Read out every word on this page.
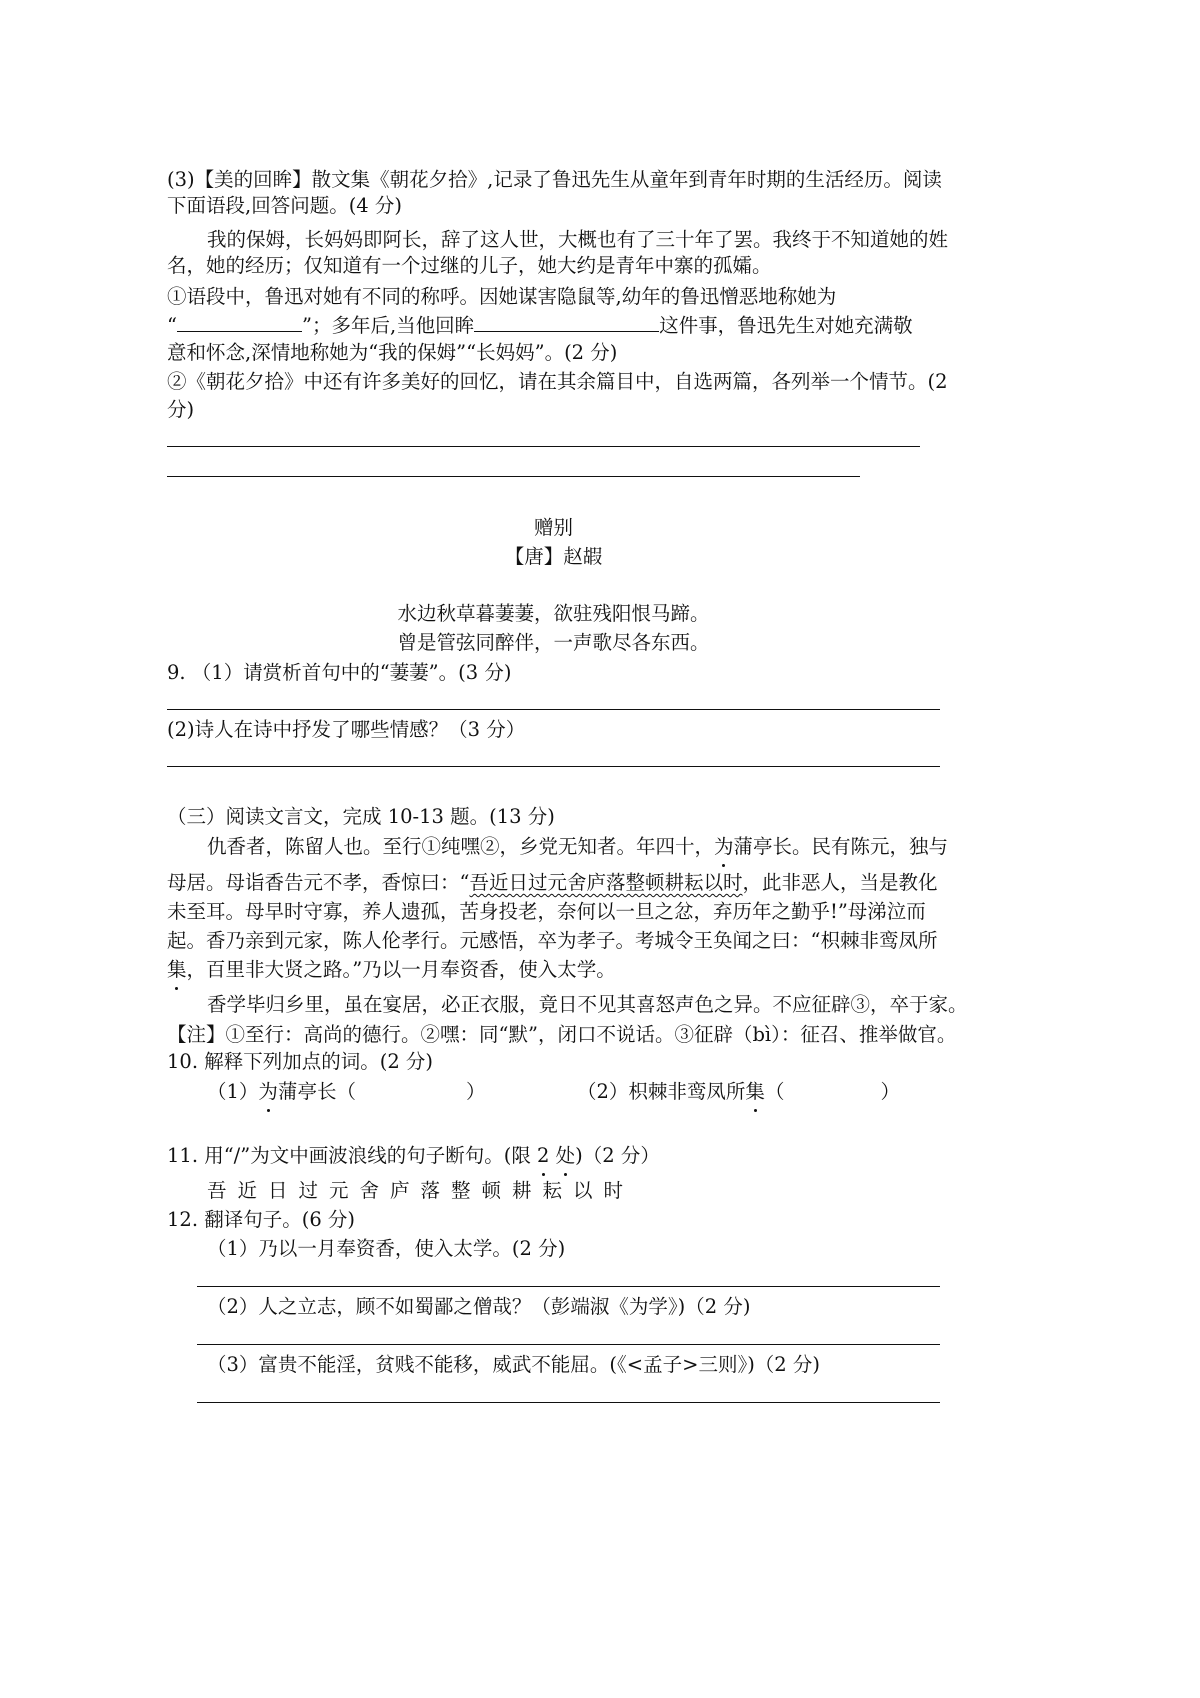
(3)【美的回眸】散文集《朝花夕拾》,记录了鲁迅先生从童年到青年时期的生活经历。阅读
下面语段,回答问题。(4 分)
我的保姆，长妈妈即阿长，辞了这人世，大概也有了三十年了罢。我终于不知道她的姓
名，她的经历；仅知道有一个过继的儿子，她大约是青年中寨的孤孀。
①语段中，鲁迅对她有不同的称呼。因她谋害隐鼠等,幼年的鲁迅憎恶地称她为
“	”；多年后,当他回眸	这件事，鲁迅先生对她充满敬
意和怀念,深情地称她为“我的保姆”“长妈妈”。(2 分)
②《朝花夕拾》中还有许多美好的回忆，请在其余篇目中，自选两篇，各列举一个情节。(2
分)
赠别
【唐】赵嘏
水边秋草暮萋萋，欲驻残阳恨马蹄。
曾是管弦同醉伴，一声歌尽各东西。
9. （1）请赏析首句中的“萋萋”。(3 分)
(2)诗人在诗中抒发了哪些情感？（3 分）
（三）阅读文言文，完成 10-13 题。(13 分)
仇香者，陈留人也。至行①纯嘿②，乡党无知者。年四十，为蒲亭长。民有陈元，独与
母居。母诣香告元不孝，香惊曰：“吾近日过元舍庐落整顿耕耘以时，此非恶人，当是教化
未至耳。母早时守寡，养人遗孤，苦身投老，奈何以一旦之忿，弃历年之勤乎!”母涕泣而
起。香乃亲到元家，陈人伦孝行。元感悟，卒为孝子。考城令王奂闻之曰：“枳棘非鸾凤所
集，百里非大贤之路。”乃以一月奉资香，使入太学。
香学毕归乡里，虽在宴居，必正衣服，竟日不见其喜怒声色之异。不应征辟③，卒于家。
【注】①至行：高尚的德行。②嘿：同“默”，闭口不说话。③征辟（bì）：征召、推举做官。
10. 解释下列加点的词。(2 分)
（1）为蒲亭长（	）	（2）枳棘非鸾凤所集（	）
11. 用“/”为文中画波浪线的句子断句。(限 2 处)（2 分）
吾近日过元舍庐落整顿耕耘以时
12. 翻译句子。(6 分)
（1）乃以一月奉资香，使入太学。(2 分)
（2）人之立志，顾不如蜀鄙之僧哉？（彭端淑《为学》)（2 分)
（3）富贵不能淫，贫贱不能移，威武不能屈。(《<孟子>三则》)（2 分)
